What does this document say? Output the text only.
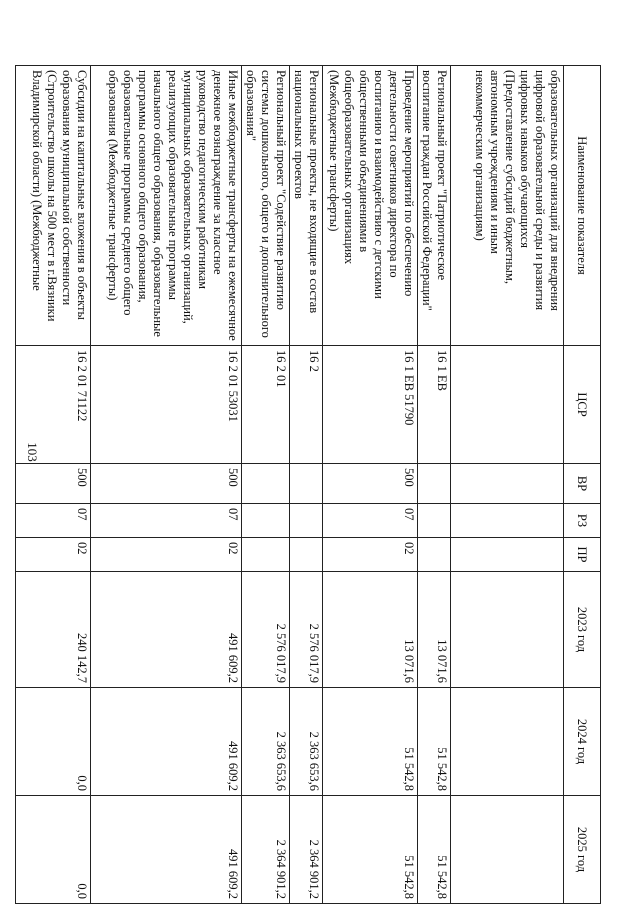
103
Наименование показателя	ЦСР	ВР	РЗ	ПР	2023 год	2024 год	2025 год
образовательных организаций для внедрения цифровой образовательной среды и развития цифровых навыков обучающихся (Предоставление субсидий бюджетным, автономным учреждениям и иным некоммерческим организациям)							
Региональный проект "Патриотическое воспитание граждан Российской Федерации"	16 1 ЕВ				13 071,6	51 542,8	51 542,8
Проведение мероприятий по обеспечению деятельности советников директора по воспитанию и взаимодействию с детскими общественными объединениями в общеобразовательных организациях (Межбюджетные трансферты)	16 1 ЕВ 51790	500	07	02	13 071,6	51 542,8	51 542,8
Региональные проекты, не входящие в состав национальных проектов	16 2				2 576 017,9	2 363 653,6	2 364 901,2
Региональный проект "Содействие развитию системы дошкольного, общего и дополнительного образования"	16 2 01				2 576 017,9	2 363 653,6	2 364 901,2
Иные межбюджетные трансферты на ежемесячное денежное вознаграждение за классное руководство педагогическим работникам муниципальных образовательных организаций, реализующих образовательные программы начального общего образования, образовательные программы основного общего образования, образовательные программы среднего общего образования (Межбюджетные трансферты)	16 2 01 53031	500	07	02	491 609,2	491 609,2	491 609,2
Субсидии на капитальные вложения в объекты образования муниципальной собственности (Строительство школы на 500 мест в г.Вязники Владимирской области) (Межбюджетные	16 2 01 71122	500	07	02	240 142,7	0,0	0,0
